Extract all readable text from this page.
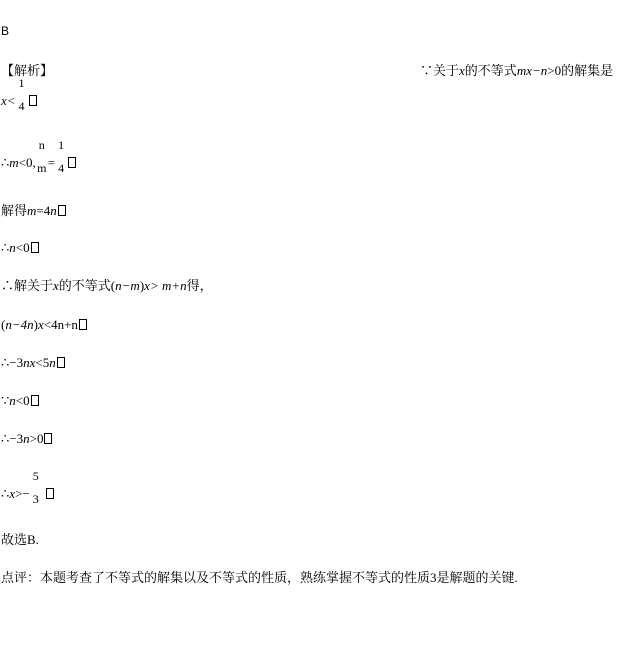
B
【解析】	∵关于x的不等式mx−n>0的解集是
x<
1
4
∴m<0,
n
m =
1
4
解得m=4n
∴n<0
∴解关于x的不等式(n−m)x> m+n得，
(n−4n)x<4n+n
∴−3nx<5n
∵n<0
∴−3n>0
∴x>−
5
3
故选B.
点评：本题考查了不等式的解集以及不等式的性质，熟练掌握不等式的性质3是解题的关键.
